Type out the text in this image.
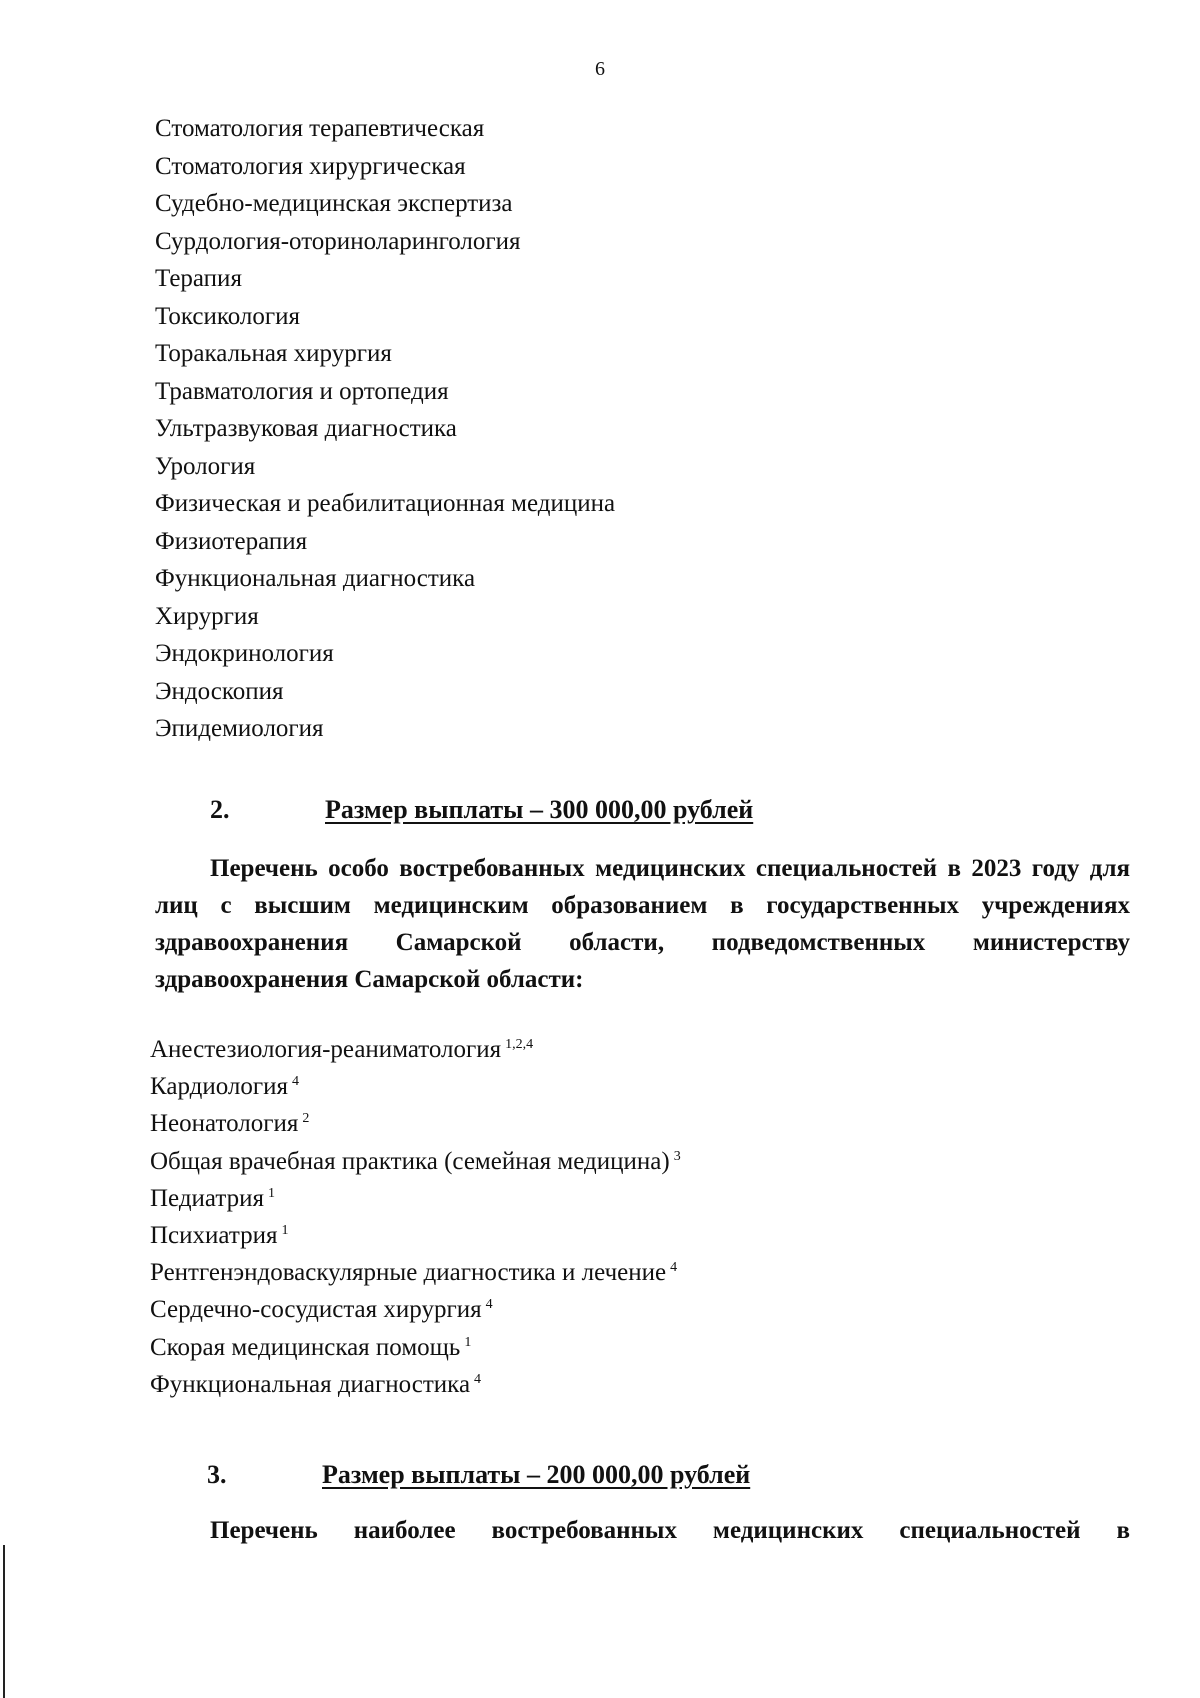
6
Стоматология терапевтическая
Стоматология хирургическая
Судебно-медицинская экспертиза
Сурдология-оториноларингология
Терапия
Токсикология
Торакальная хирургия
Травматология и ортопедия
Ультразвуковая диагностика
Урология
Физическая и реабилитационная медицина
Физиотерапия
Функциональная диагностика
Хирургия
Эндокринология
Эндоскопия
Эпидемиология
2.	Размер выплаты – 300 000,00 рублей

Перечень особо востребованных медицинских специальностей в 2023 году для лиц с высшим медицинским образованием в государственных учреждениях здравоохранения Самарской области, подведомственных министерству здравоохранения Самарской области:

Анестезиология-реаниматология $^{1,2,4}$
Кардиология $^4$
Неонатология $^2$
Общая врачебная практика (семейная медицина) $^3$
Педиатрия $^1$
Психиатрия $^1$
Рентгенэндоваскулярные диагностика и лечение $^4$
Сердечно-сосудистая хирургия $^4$
Скорая медицинская помощь $^1$
Функциональная диагностика $^4$
3.	Размер выплаты – 200 000,00 рублей

Перечень наиболее востребованных медицинских специальностей в
